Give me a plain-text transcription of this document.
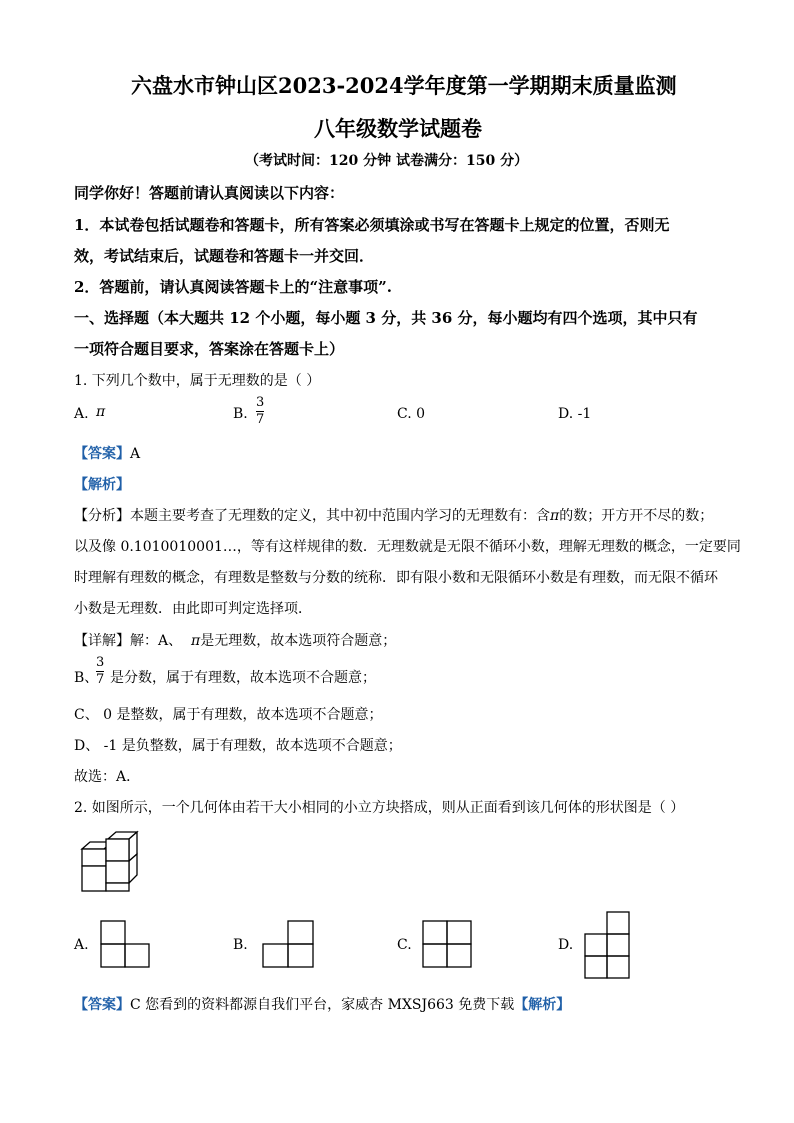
六盘水市钟山区2023-2024学年度第一学期期末质量监测
八年级数学试题卷
（考试时间：120 分钟 试卷满分：150 分）
同学你好！答题前请认真阅读以下内容：
1．本试卷包括试题卷和答题卡，所有答案必须填涂或书写在答题卡上规定的位置，否则无
效，考试结束后，试题卷和答题卡一并交回．
2．答题前，请认真阅读答题卡上的“注意事项”.
一、选择题（本大题共 12 个小题，每小题 3 分，共 36 分，每小题均有四个选项，其中只有
一项符合题目要求，答案涂在答题卡上）
1. 下列几个数中，属于无理数的是（ ）
A. π	B.
3
7	C. 0	D. -1
【答案】A
【解析】
【分析】本题主要考查了无理数的定义，其中初中范围内学习的无理数有：含π的数；开方开不尽的数；
以及像 0.1010010001…，等有这样规律的数．无理数就是无限不循环小数，理解无理数的概念，一定要同
时理解有理数的概念，有理数是整数与分数的统称．即有限小数和无限循环小数是有理数，而无限不循环
小数是无理数．由此即可判定选择项．
【详解】解：A、 π是无理数，故本选项符合题意；
B、
3
7 是分数，属于有理数，故本选项不合题意；
C、 0 是整数，属于有理数，故本选项不合题意；
D、 -1 是负整数，属于有理数，故本选项不合题意；
故选：A．
2. 如图所示，一个几何体由若干大小相同的小立方块搭成，则从正面看到该几何体的形状图是（ ）
A.	B.	C.	D.
【答案】C 您看到的资料都源自我们平台，家威杏 MXSJ663 免费下载【解析】
